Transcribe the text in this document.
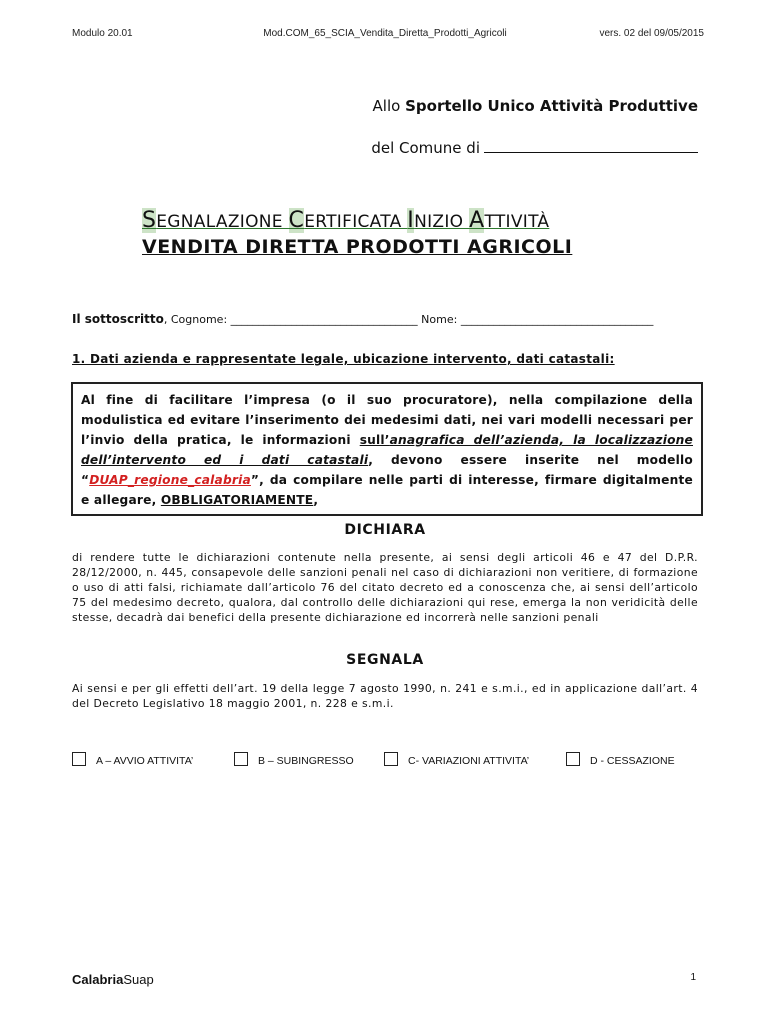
Modulo 20.01	Mod.COM_65_SCIA_Vendita_Diretta_Prodotti_Agricoli	vers. 02 del 09/05/2015
Allo Sportello Unico Attività Produttive
del Comune di
SEGNALAZIONE CERTIFICATA INIZIO ATTIVITÀ
VENDITA DIRETTA PRODOTTI AGRICOLI
Il sottoscritto, Cognome: __________________________________ Nome: ___________________________________
1. Dati azienda e rappresentate legale, ubicazione intervento, dati catastali:
Al fine di facilitare l’impresa (o il suo procuratore), nella compilazione della modulistica ed evitare l’inserimento dei medesimi dati, nei vari modelli necessari per l’invio della pratica, le informazioni sull’anagrafica dell’azienda, la localizzazione dell’intervento ed i dati catastali, devono essere inserite nel modello “DUAP_regione_calabria”, da compilare nelle parti di interesse, firmare digitalmente e allegare, OBBLIGATORIAMENTE,
DICHIARA
di rendere tutte le dichiarazioni contenute nella presente, ai sensi degli articoli 46 e 47 del D.P.R. 28/12/2000, n. 445, consapevole delle sanzioni penali nel caso di dichiarazioni non veritiere, di formazione o uso di atti falsi, richiamate dall’articolo 76 del citato decreto ed a conoscenza che, ai sensi dell’articolo 75 del medesimo decreto, qualora, dal controllo delle dichiarazioni qui rese, emerga la non veridicità delle stesse, decadrà dai benefici della presente dichiarazione ed incorrerà nelle sanzioni penali
SEGNALA
Ai sensi e per gli effetti dell’art. 19 della legge 7 agosto 1990, n. 241 e s.m.i., ed in applicazione dall’art. 4 del Decreto Legislativo 18 maggio 2001, n. 228 e s.m.i.
A – AVVIO ATTIVITA’	B – SUBINGRESSO	C- VARIAZIONI ATTIVITA’	D - CESSAZIONE
CalabriaSuap	1
